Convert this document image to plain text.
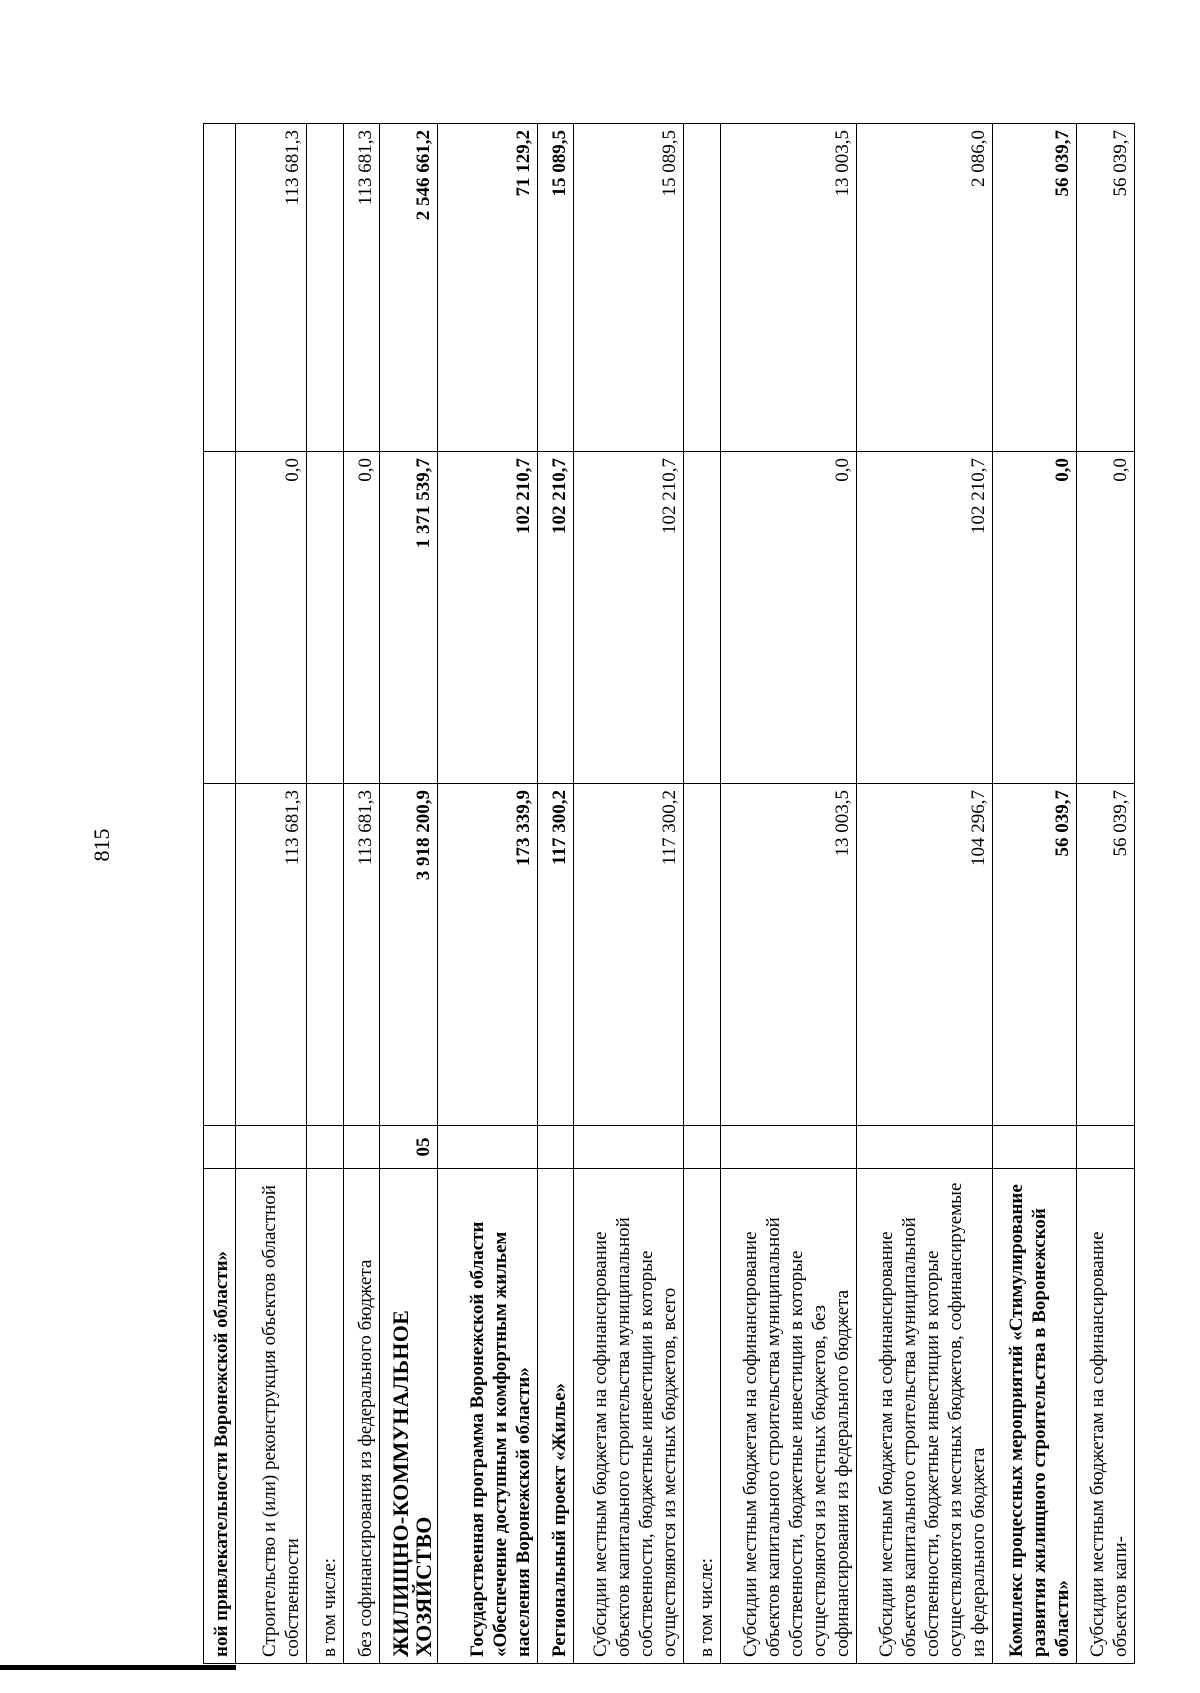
815
ной привлекательности Воронежской области»				
Строительство и (или) реконструкция объектов областной собственности		113 681,3	0,0	113 681,3
в том числе:				
без софинансирования из федерального бюджета		113 681,3	0,0	113 681,3
ЖИЛИЩНО-КОММУНАЛЬНОЕ ХОЗЯЙСТВО	05	3 918 200,9	1 371 539,7	2 546 661,2
Государственная программа Воронежской области «Обеспечение доступным и комфортным жильем населения Воронежской области»		173 339,9	102 210,7	71 129,2
Региональный проект «Жилье»		117 300,2	102 210,7	15 089,5
Субсидии местным бюджетам на софинансирование объектов капитального строительства муниципальной собственности, бюджетные инвестиции в которые осуществляются из местных бюджетов, всего		117 300,2	102 210,7	15 089,5
в том числе:				
Субсидии местным бюджетам на софинансирование объектов капитального строительства муниципальной собственности, бюджетные инвестиции в которые осуществляются из местных бюджетов, без софинансирования из федерального бюджета		13 003,5	0,0	13 003,5
Субсидии местным бюджетам на софинансирование объектов капитального строительства муниципальной собственности, бюджетные инвестиции в которые осуществляются из местных бюджетов, софинансируемые из федерального бюджета		104 296,7	102 210,7	2 086,0
Комплекс процессных мероприятий «Стимулирование развития жилищного строительства в Воронежской области»		56 039,7	0,0	56 039,7
Субсидии местным бюджетам на софинансирование объектов капи-		56 039,7	0,0	56 039,7
